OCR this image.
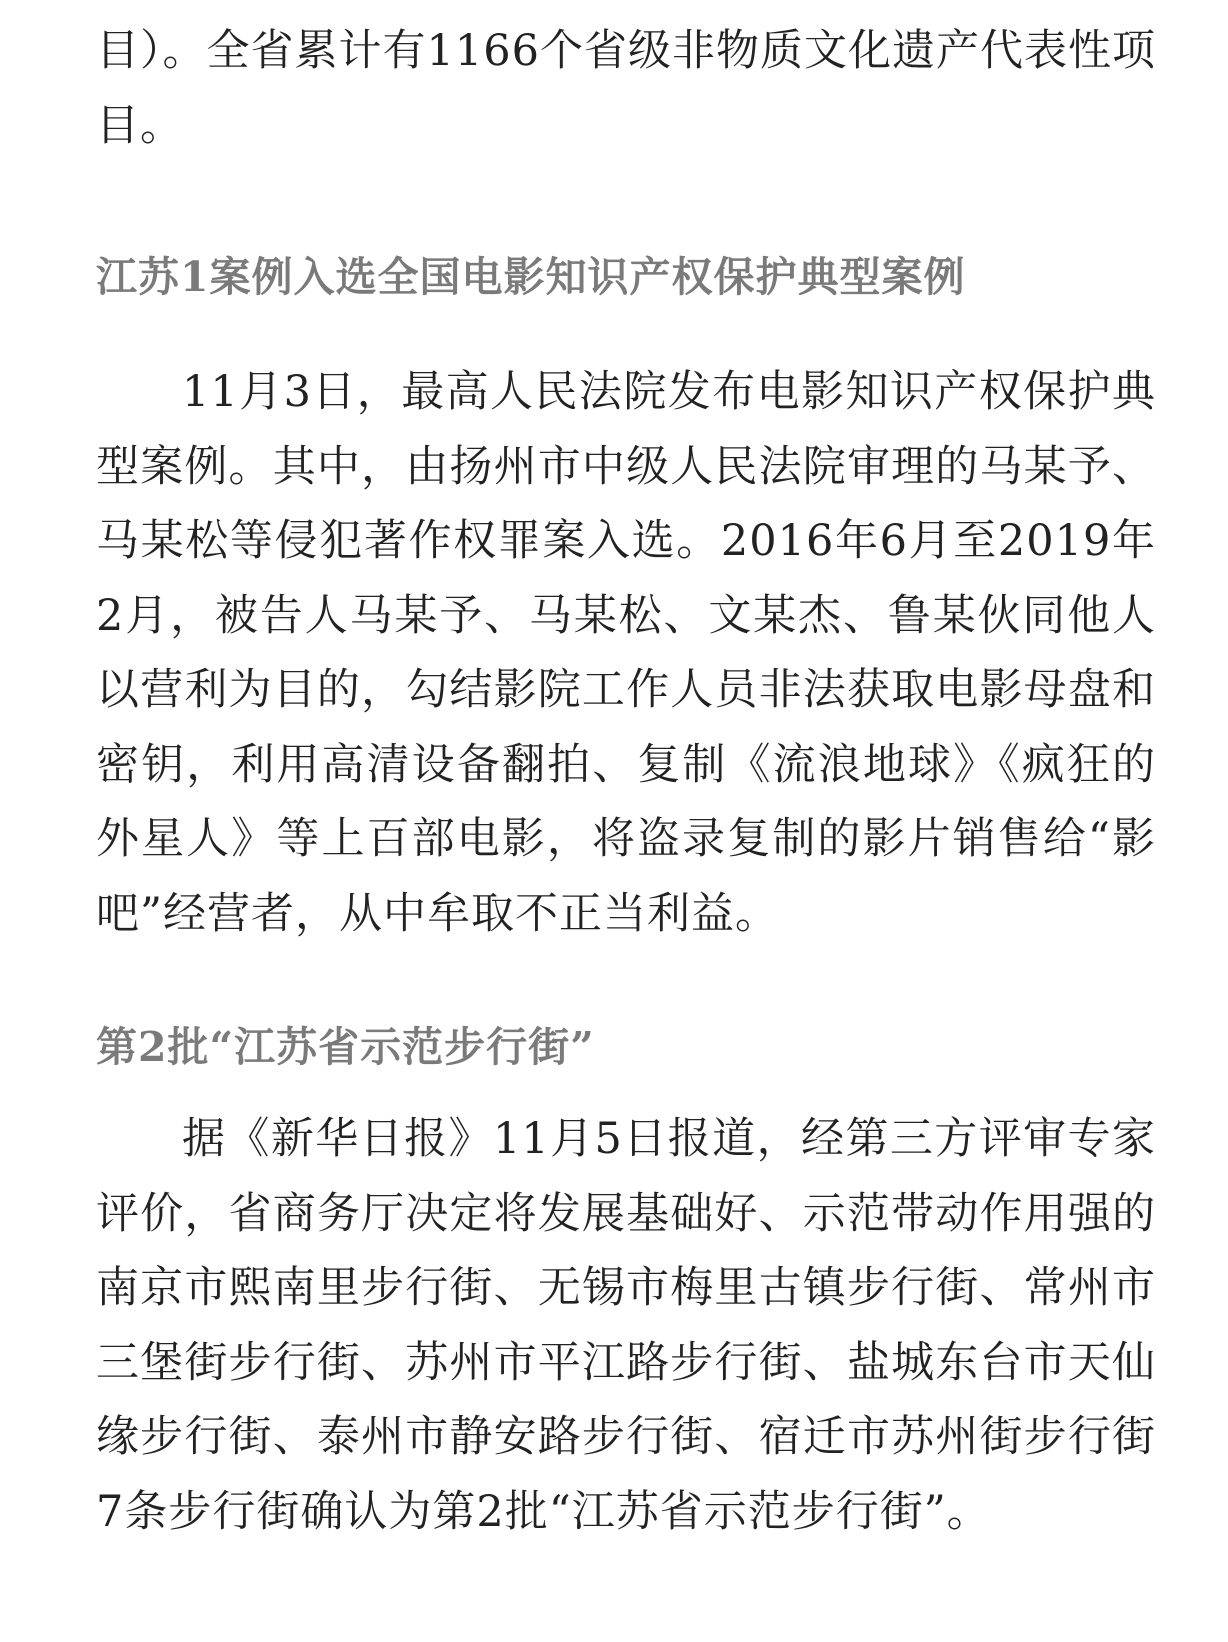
目）。全省累计有1166个省级非物质文化遗产代表性项目。

江苏1案例入选全国电影知识产权保护典型案例

11月3日，最高人民法院发布电影知识产权保护典型案例。其中，由扬州市中级人民法院审理的马某予、马某松等侵犯著作权罪案入选。2016年6月至2019年2月，被告人马某予、马某松、文某杰、鲁某伙同他人以营利为目的，勾结影院工作人员非法获取电影母盘和密钥，利用高清设备翻拍、复制《流浪地球》《疯狂的外星人》等上百部电影，将盗录复制的影片销售给“影吧”经营者，从中牟取不正当利益。

第2批“江苏省示范步行街”

据《新华日报》11月5日报道，经第三方评审专家评价，省商务厅决定将发展基础好、示范带动作用强的南京市熙南里步行街、无锡市梅里古镇步行街、常州市三堡街步行街、苏州市平江路步行街、盐城东台市天仙缘步行街、泰州市静安路步行街、宿迁市苏州街步行街7条步行街确认为第2批“江苏省示范步行街”。
